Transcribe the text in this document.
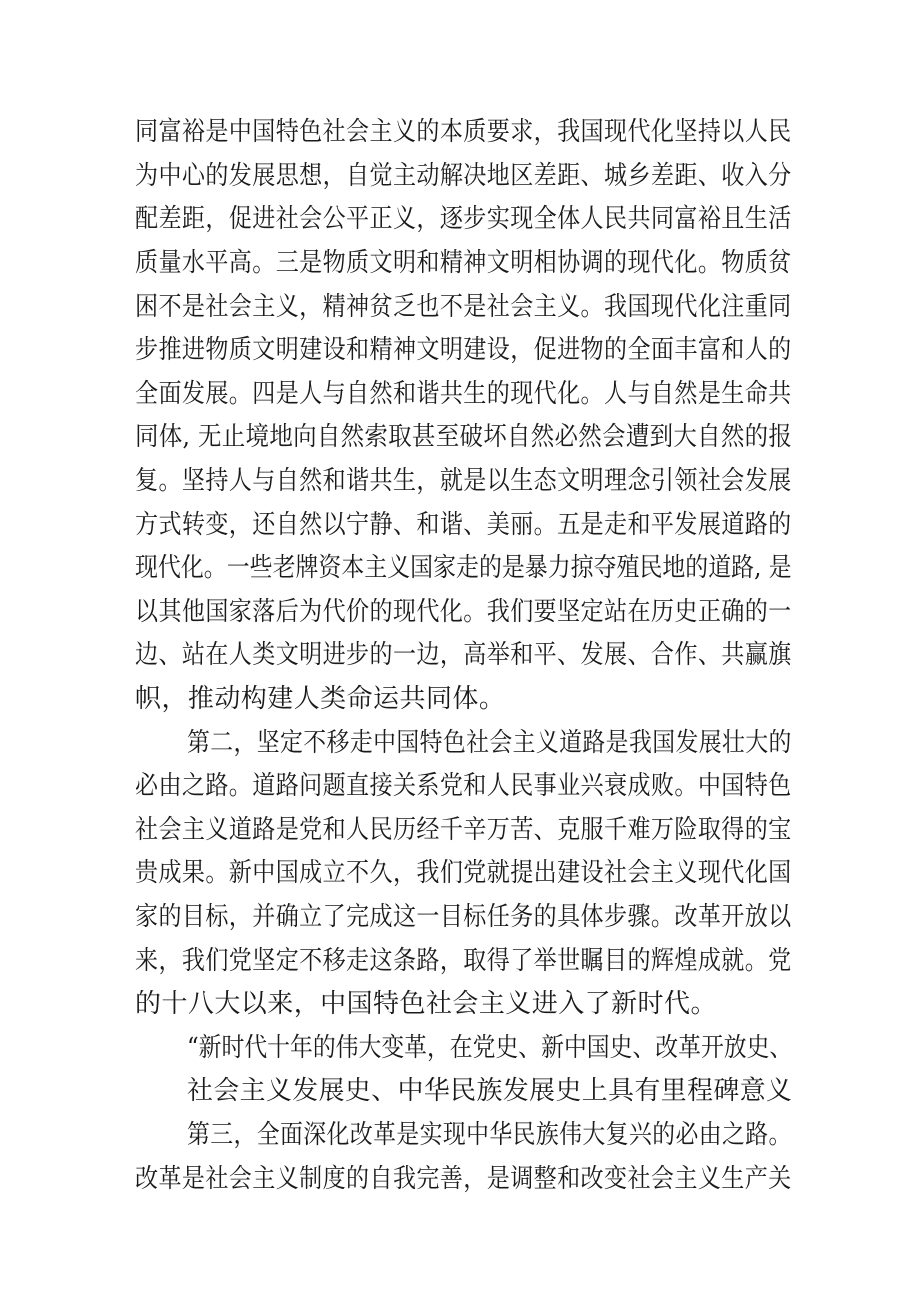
同富裕是中国特色社会主义的本质要求，我国现代化坚持以人民
为中心的发展思想，自觉主动解决地区差距、城乡差距、收入分
配差距，促进社会公平正义，逐步实现全体人民共同富裕且生活
质量水平高。三是物质文明和精神文明相协调的现代化。物质贫
困不是社会主义，精神贫乏也不是社会主义。我国现代化注重同
步推进物质文明建设和精神文明建设，促进物的全面丰富和人的
全面发展。四是人与自然和谐共生的现代化。人与自然是生命共
同体, 无止境地向自然索取甚至破坏自然必然会遭到大自然的报
复。坚持人与自然和谐共生，就是以生态文明理念引领社会发展
方式转变，还自然以宁静、和谐、美丽。五是走和平发展道路的
现代化。一些老牌资本主义国家走的是暴力掠夺殖民地的道路, 是
以其他国家落后为代价的现代化。我们要坚定站在历史正确的一
边、站在人类文明进步的一边，高举和平、发展、合作、共赢旗
帜，推动构建人类命运共同体。
第二，坚定不移走中国特色社会主义道路是我国发展壮大的
必由之路。道路问题直接关系党和人民事业兴衰成败。中国特色
社会主义道路是党和人民历经千辛万苦、克服千难万险取得的宝
贵成果。新中国成立不久，我们党就提出建设社会主义现代化国
家的目标，并确立了完成这一目标任务的具体步骤。改革开放以
来，我们党坚定不移走这条路，取得了举世瞩目的辉煌成就。党
的十八大以来，中国特色社会主义进入了新时代。
“新时代十年的伟大变革，在党史、新中国史、改革开放史、
社会主义发展史、中华民族发展史上具有里程碑意义
第三，全面深化改革是实现中华民族伟大复兴的必由之路。
改革是社会主义制度的自我完善，是调整和改变社会主义生产关
